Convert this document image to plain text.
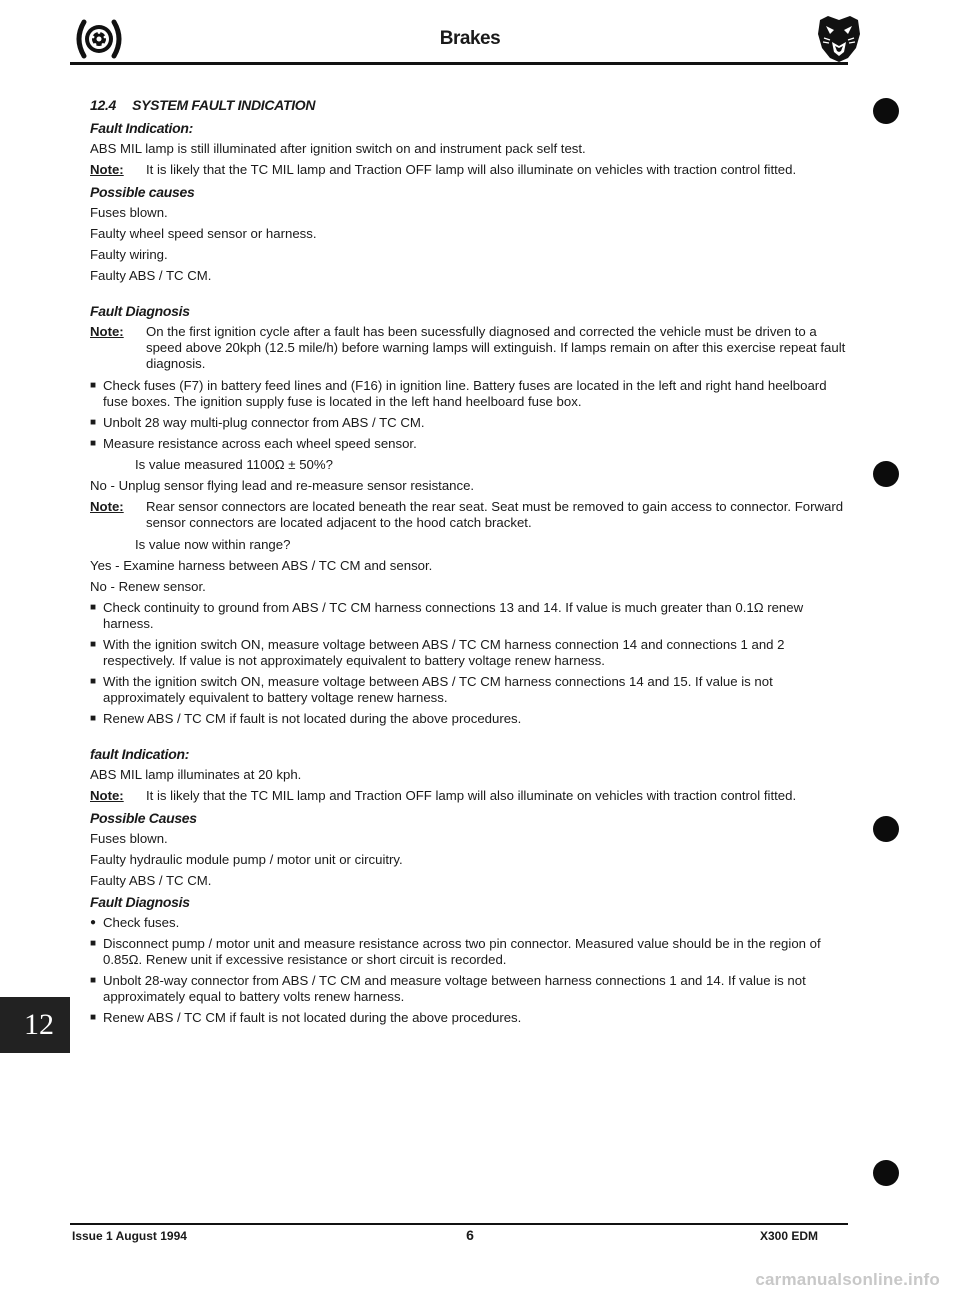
Brakes
12.4 SYSTEM FAULT INDICATION
Fault Indication:
ABS MIL lamp is still illuminated after ignition switch on and instrument pack self test.
Note:	It is likely that the TC MIL lamp and Traction OFF lamp will also illuminate on vehicles with traction control fitted.
Possible causes
Fuses blown.
Faulty wheel speed sensor or harness.
Faulty wiring.
Faulty ABS / TC CM.
Fault Diagnosis
Note:	On the first ignition cycle after a fault has been sucessfully diagnosed and corrected the vehicle must be driven to a speed above 20kph (12.5 mile/h) before warning lamps will extinguish. If lamps remain on after this exercise repeat fault diagnosis.
■ Check fuses (F7) in battery feed lines and (F16) in ignition line. Battery fuses are located in the left and right hand heelboard fuse boxes. The ignition supply fuse is located in the left hand heelboard fuse box.
■ Unbolt 28 way multi-plug connector from ABS / TC CM.
■ Measure resistance across each wheel speed sensor.
Is value measured 1100Ω ± 50%?
No - Unplug sensor flying lead and re-measure sensor resistance.
Note:	Rear sensor connectors are located beneath the rear seat. Seat must be removed to gain access to connector. Forward sensor connectors are located adjacent to the hood catch bracket.
Is value now within range?
Yes - Examine harness between ABS / TC CM and sensor.
No - Renew sensor.
■ Check continuity to ground from ABS / TC CM harness connections 13 and 14. If value is much greater than 0.1Ω renew harness.
■ With the ignition switch ON, measure voltage between ABS / TC CM harness connection 14 and connections 1 and 2 respectively. If value is not approximately equivalent to battery voltage renew harness.
■ With the ignition switch ON, measure voltage between ABS / TC CM harness connections 14 and 15. If value is not approximately equivalent to battery voltage renew harness.
■ Renew ABS / TC CM if fault is not located during the above procedures.
fault Indication:
ABS MIL lamp illuminates at 20 kph.
Note:	It is likely that the TC MIL lamp and Traction OFF lamp will also illuminate on vehicles with traction control fitted.
Possible Causes
Fuses blown.
Faulty hydraulic module pump / motor unit or circuitry.
Faulty ABS / TC CM.
Fault Diagnosis
● Check fuses.
■ Disconnect pump / motor unit and measure resistance across two pin connector. Measured value should be in the region of 0.85Ω. Renew unit if excessive resistance or short circuit is recorded.
■ Unbolt 28-way connector from ABS / TC CM and measure voltage between harness connections 1 and 14. If value is not approximately equal to battery volts renew harness.
■ Renew ABS / TC CM if fault is not located during the above procedures.
12
Issue 1 August 1994	6	X300 EDM
carmanualsonline.info
